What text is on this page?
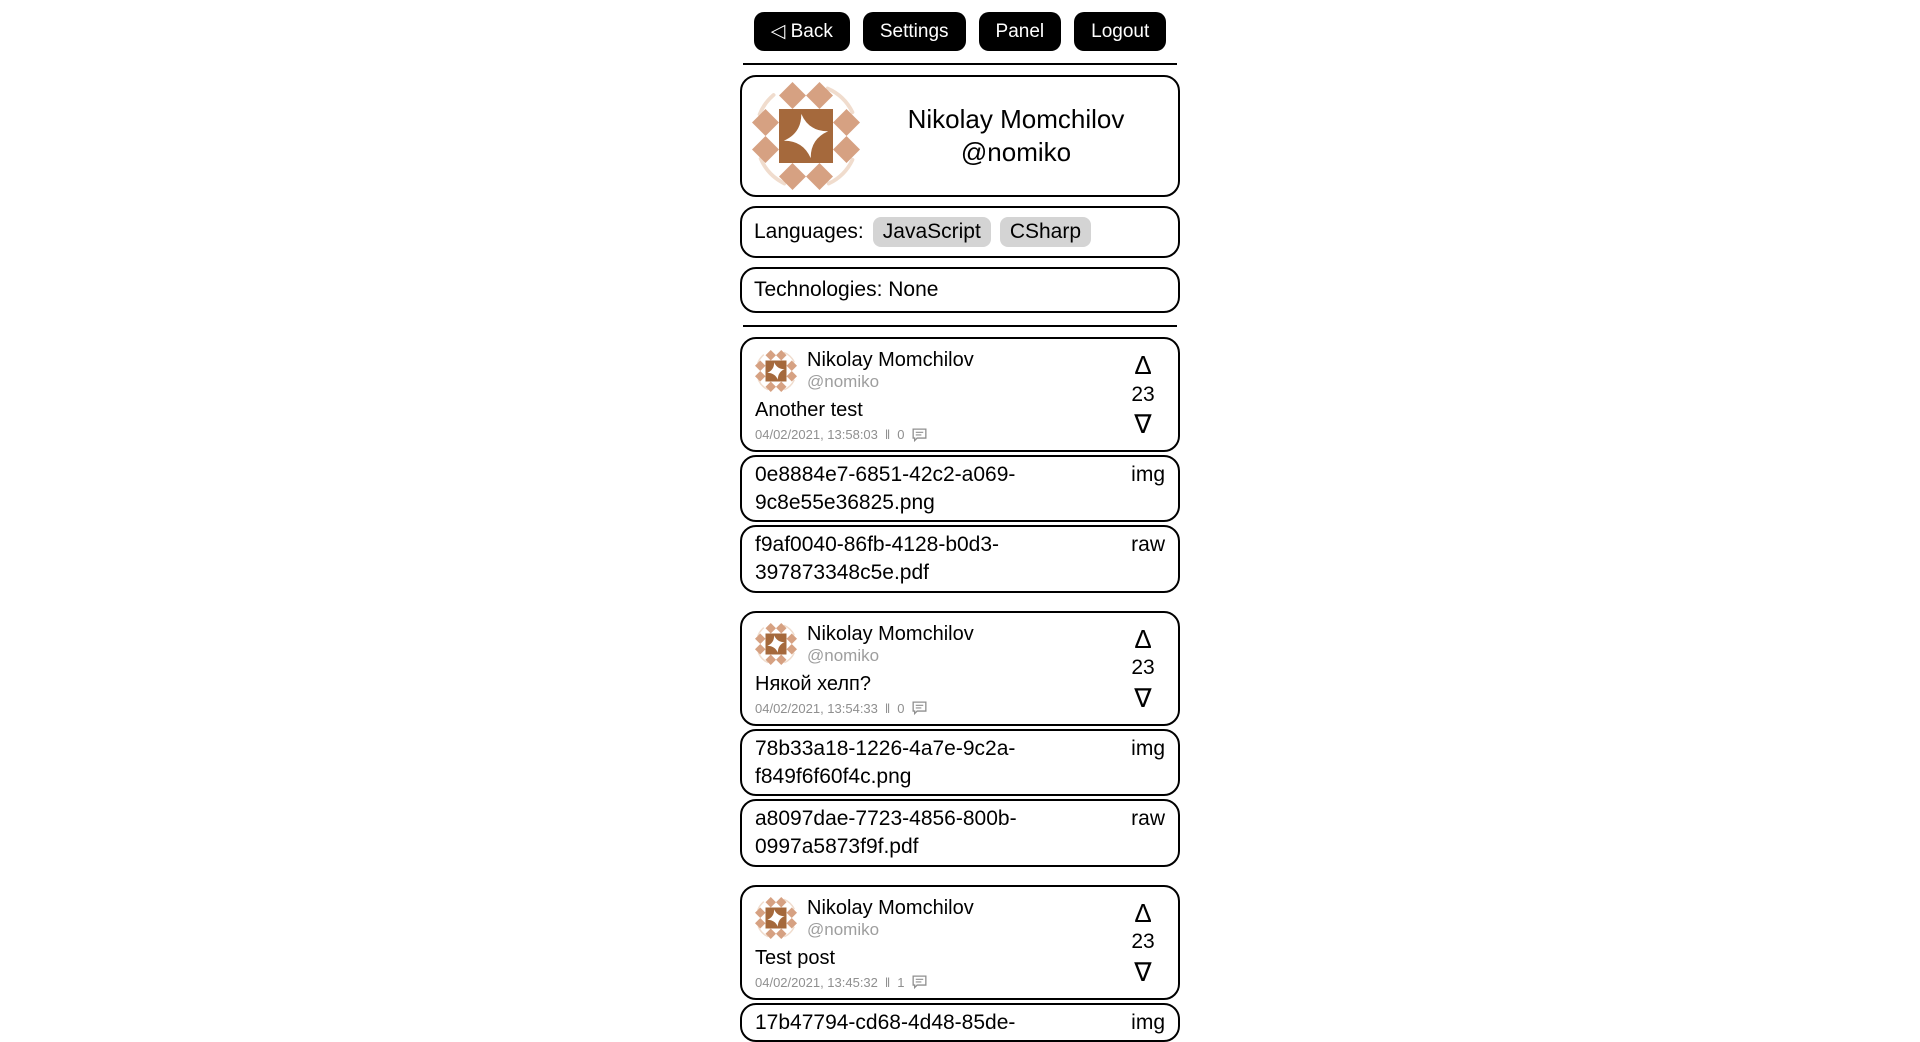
◁ Back	Settings	Panel	Logout
Nikolay Momchilov
@nomiko
Languages: JavaScript	CSharp
Technologies: None
Nikolay Momchilov
@nomiko
Another test
04/02/2021, 13:58:03 ‖ 0
Δ
23
∇
0e8884e7-6851-42c2-a069-9c8e55e36825.png
img
f9af0040-86fb-4128-b0d3-397873348c5e.pdf
raw
Nikolay Momchilov
@nomiko
Някой хелп?
04/02/2021, 13:54:33 ‖ 0
Δ
23
∇
78b33a18-1226-4a7e-9c2a-f849f6f60f4c.png
img
a8097dae-7723-4856-800b-0997a5873f9f.pdf
raw
Nikolay Momchilov
@nomiko
Test post
04/02/2021, 13:45:32 ‖ 1
Δ
23
∇
17b47794-cd68-4d48-85de-	img
